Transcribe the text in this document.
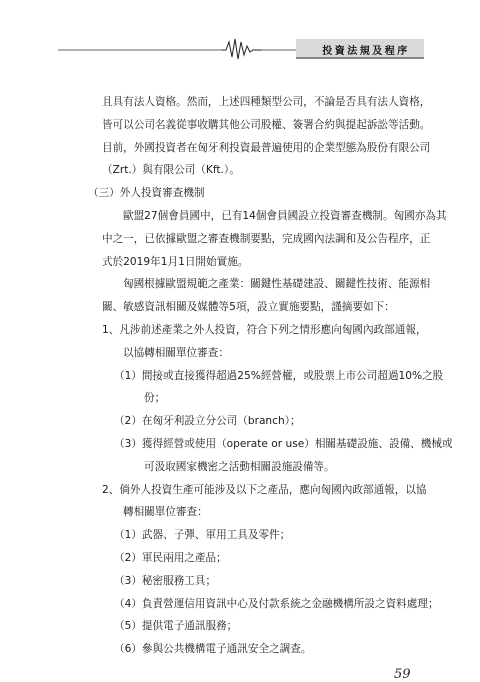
投資法規及程序
且具有法人資格。然而，上述四種類型公司，不論是否具有法人資格，
皆可以公司名義從事收購其他公司股權、簽署合約與提起訴訟等活動。
目前，外國投資者在匈牙利投資最普遍使用的企業型態為股份有限公司
（Zrt.）與有限公司（Kft.）。
（三）外人投資審查機制
歐盟27個會員國中，已有14個會員國設立投資審查機制。匈國亦為其
中之一，已依據歐盟之審查機制要點，完成國內法調和及公告程序，正
式於2019年1月1日開始實施。
匈國根據歐盟規範之產業：關鍵性基礎建設、關鍵性技術、能源相
關、敏感資訊相關及媒體等5項，設立實施要點，謹摘要如下：
1、凡涉前述產業之外人投資，符合下列之情形應向匈國內政部通報，
以協轉相關單位審查：
（1）間接或直接獲得超過25%經營權，或股票上市公司超過10%之股
份；
（2）在匈牙利設立分公司（branch）；
（3）獲得經營或使用（operate or use）相關基礎設施、設備、機械或
可汲取國家機密之活動相關設施設備等。
2、倘外人投資生產可能涉及以下之產品，應向匈國內政部通報，以協
轉相關單位審查：
（1）武器、子彈、軍用工具及零件；
（2）軍民兩用之產品；
（3）秘密服務工具；
（4）負責營運信用資訊中心及付款系統之金融機構所設之資料處理；
（5）提供電子通訊服務；
（6）參與公共機構電子通訊安全之調查。
59
